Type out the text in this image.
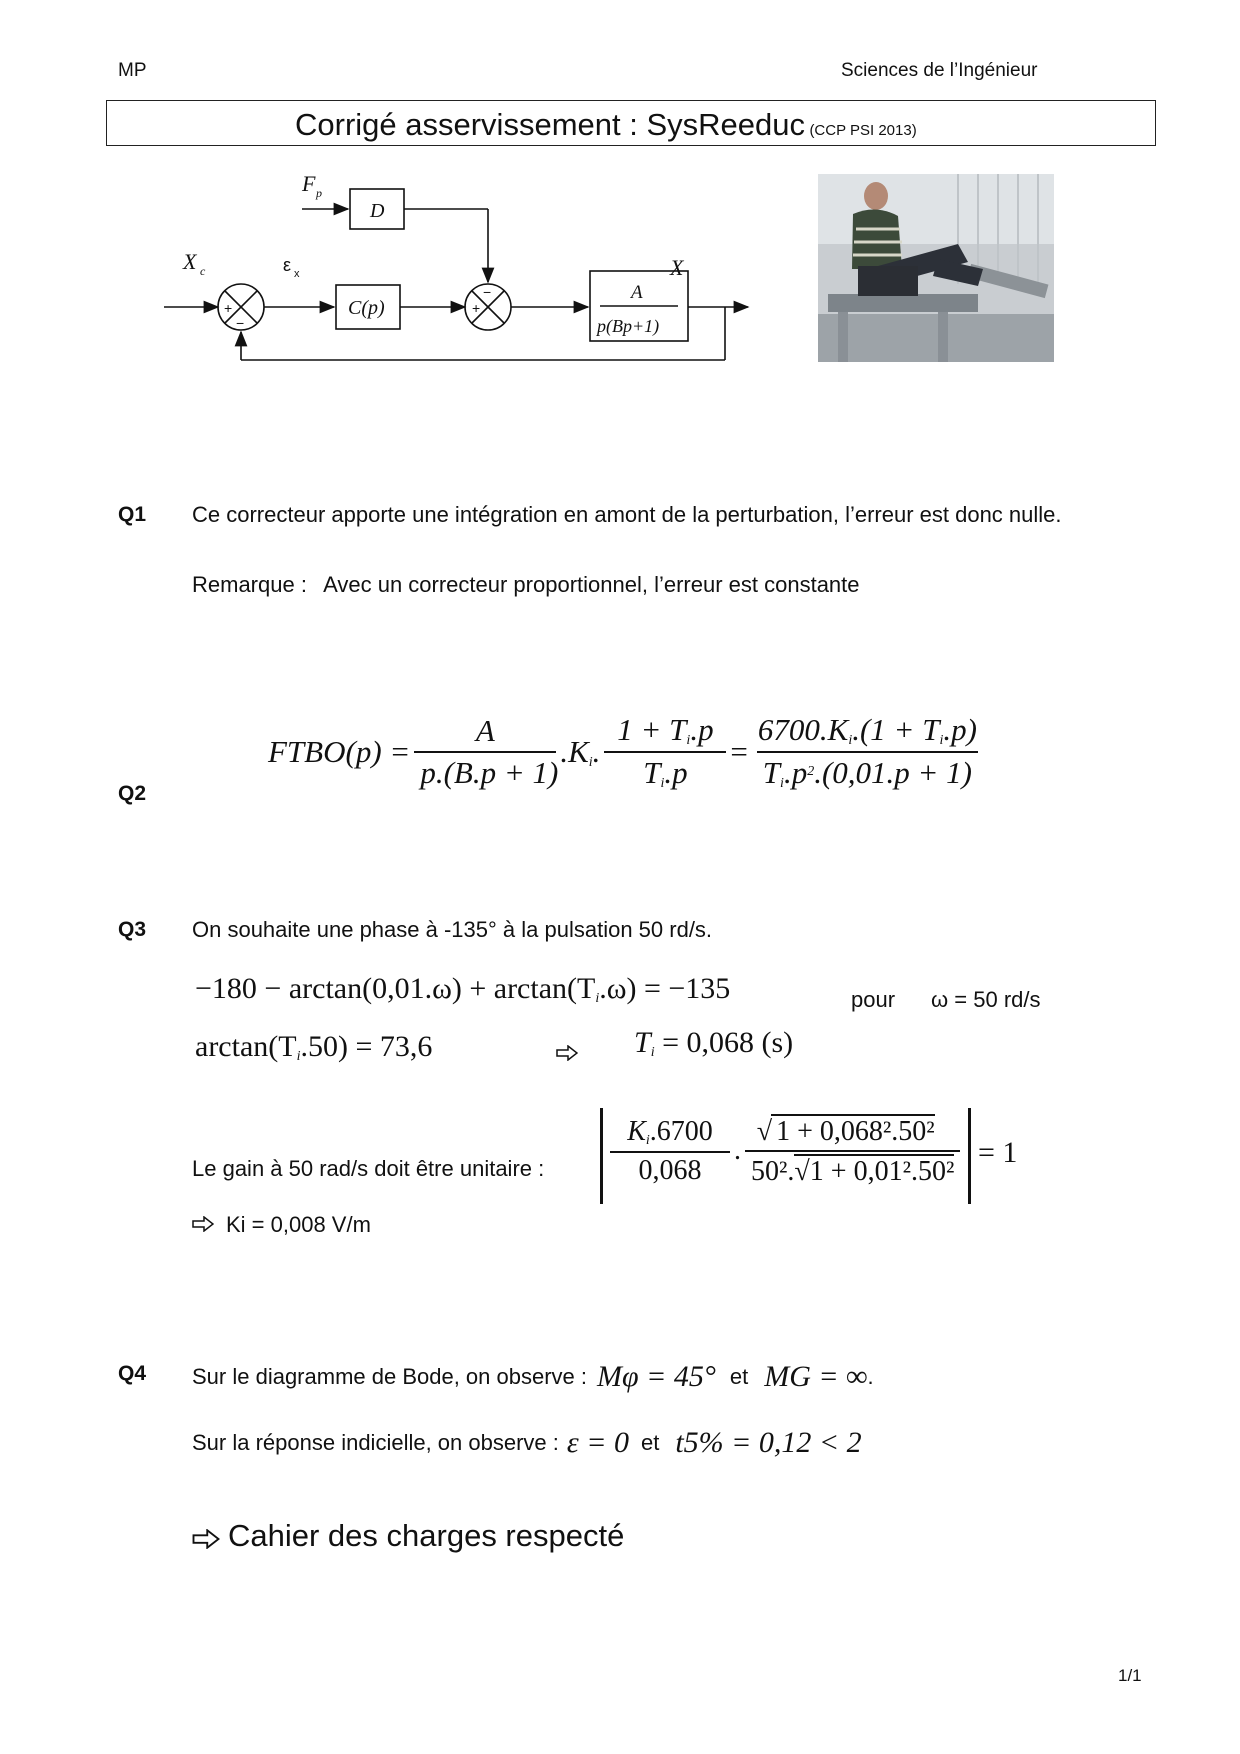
MP	Sciences de l’Ingénieur
Corrigé asservissement : SysReeduc (CCP PSI 2013)
F p
D
X c	X
C(p)
A
p(Bp+1)
ε x
+
−
−
+
Q1 Ce correcteur apporte une intégration en amont de la perturbation, l’erreur est donc nulle.
Remarque : Avec un correcteur proportionnel, l’erreur est constante
Q2
FTBO(p) = $\frac{A}{p.(B.p + 1)} .K_i$. $\frac{1 + T_i.p}{T_i.p} = \frac{6700.K_i.(1 + T_i.p)}{T_i.p^2.(0,01.p + 1)}$
Q3 On souhaite une phase à -135° à la pulsation 50 rd/s.
$-180 - \arctan(0,01.\omega) + \arctan(T_i.\omega) = -135$	pour ω = 50 rd/s
$\arctan(T_i.50) = 73,6$	$T_i = 0,068$ (s)
Le gain à 50 rad/s doit être unitaire : $\frac{K_i.6700}{0,068}$ . $\frac{\text{√ 1 + 0,068².50²}}{\text{50².√1 + 0,01².50²}} = 1$
Ki = 0,008 V/m
Q4 Sur le diagramme de Bode, on observe : Mφ = 45° et MG = ∞ .
Sur la réponse indicielle, on observe : ε = 0 et t5% = 0,12 < 2
Cahier des charges respecté
1/1
